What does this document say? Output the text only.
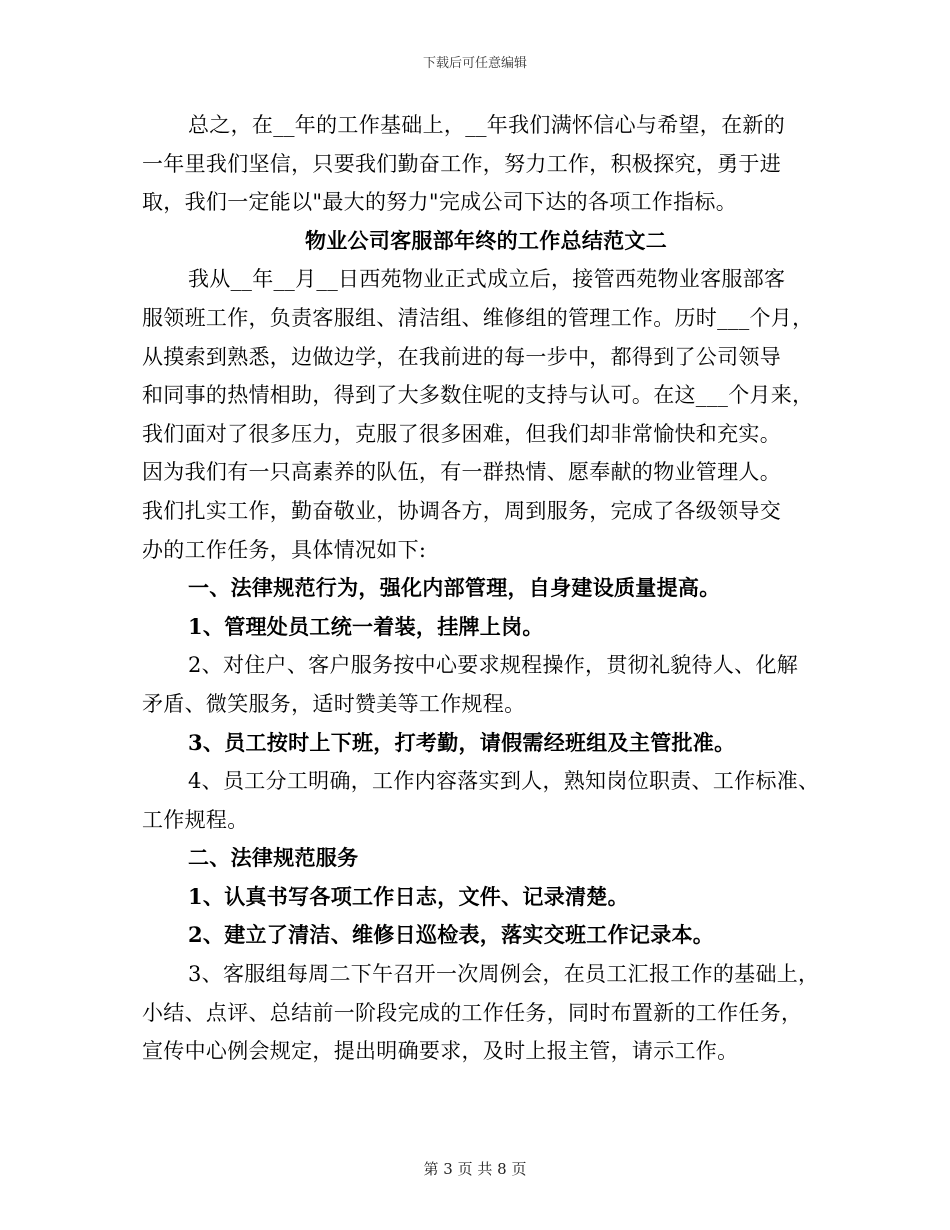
下载后可任意编辑
总之，在__年的工作基础上，__年我们满怀信心与希望，在新的
一年里我们坚信，只要我们勤奋工作，努力工作，积极探究，勇于进
取，我们一定能以"最大的努力"完成公司下达的各项工作指标。
物业公司客服部年终的工作总结范文二
我从__年__月__日西苑物业正式成立后，接管西苑物业客服部客
服领班工作，负责客服组、清洁组、维修组的管理工作。历时___个月，
从摸索到熟悉，边做边学，在我前进的每一步中，都得到了公司领导
和同事的热情相助，得到了大多数住呢的支持与认可。在这___个月来，
我们面对了很多压力，克服了很多困难，但我们却非常愉快和充实。
因为我们有一只高素养的队伍，有一群热情、愿奉献的物业管理人。
我们扎实工作，勤奋敬业，协调各方，周到服务，完成了各级领导交
办的工作任务，具体情况如下:
一、法律规范行为，强化内部管理，自身建设质量提高。
1、管理处员工统一着装，挂牌上岗。
2、对住户、客户服务按中心要求规程操作，贯彻礼貌待人、化解
矛盾、微笑服务，适时赞美等工作规程。
3、员工按时上下班，打考勤，请假需经班组及主管批准。
4、员工分工明确，工作内容落实到人，熟知岗位职责、工作标准、
工作规程。
二、法律规范服务
1、认真书写各项工作日志，文件、记录清楚。
2、建立了清洁、维修日巡检表，落实交班工作记录本。
3、客服组每周二下午召开一次周例会，在员工汇报工作的基础上，
小结、点评、总结前一阶段完成的工作任务，同时布置新的工作任务，
宣传中心例会规定，提出明确要求，及时上报主管，请示工作。
第 3 页 共 8 页
